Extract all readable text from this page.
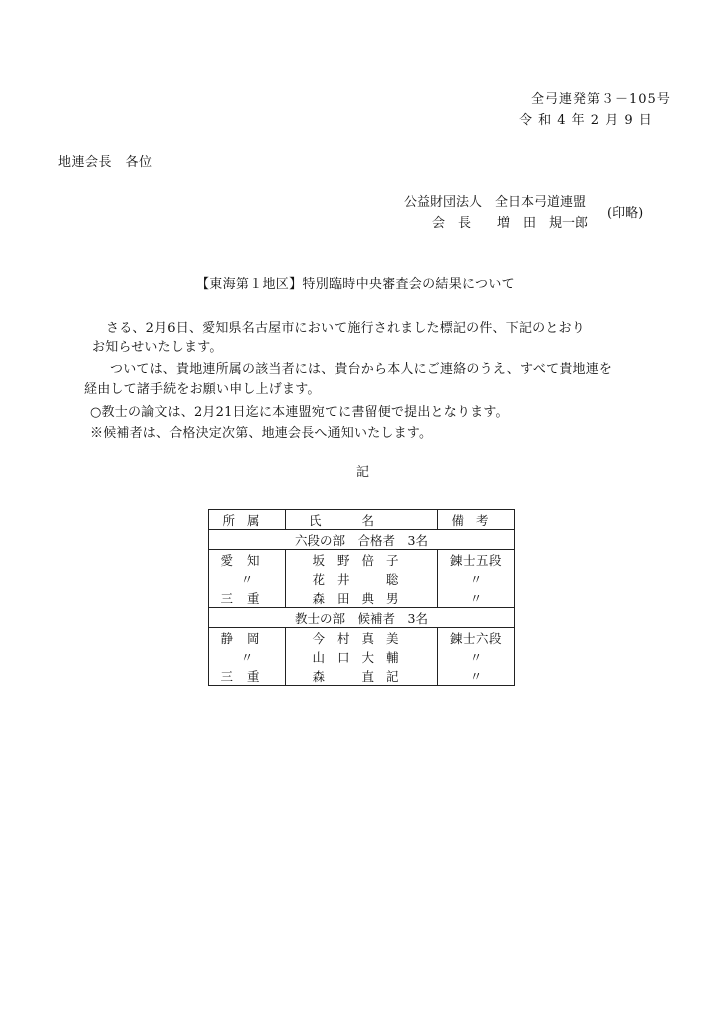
全弓連発第３－105号
令 和 4 年 2 月 9 日
地連会長　各位
公益財団法人　全日本弓道連盟
会　長　　増　田　規一郎
(印略)
【東海第１地区】特別臨時中央審査会の結果について
さる、2月6日、愛知県名古屋市において施行されました標記の件、下記のとおり
お知らせいたします。
ついては、貴地連所属の該当者には、貴台から本人にご連絡のうえ、すべて貴地連を
経由して諸手続をお願い申し上げます。
○教士の論文は、2月21日迄に本連盟宛てに書留便で提出となります。
※候補者は、合格決定次第、地連会長へ通知いたします。
記
所属	氏名	備考
六段の部　合格者　3名		
愛知	坂野倍子	錬士五段
〃	花井　聡	〃
三重	森田典男	〃
教士の部　候補者　3名		
静岡	今村真美	錬士六段
〃	山口大輔	〃
三重	森　直記	〃
